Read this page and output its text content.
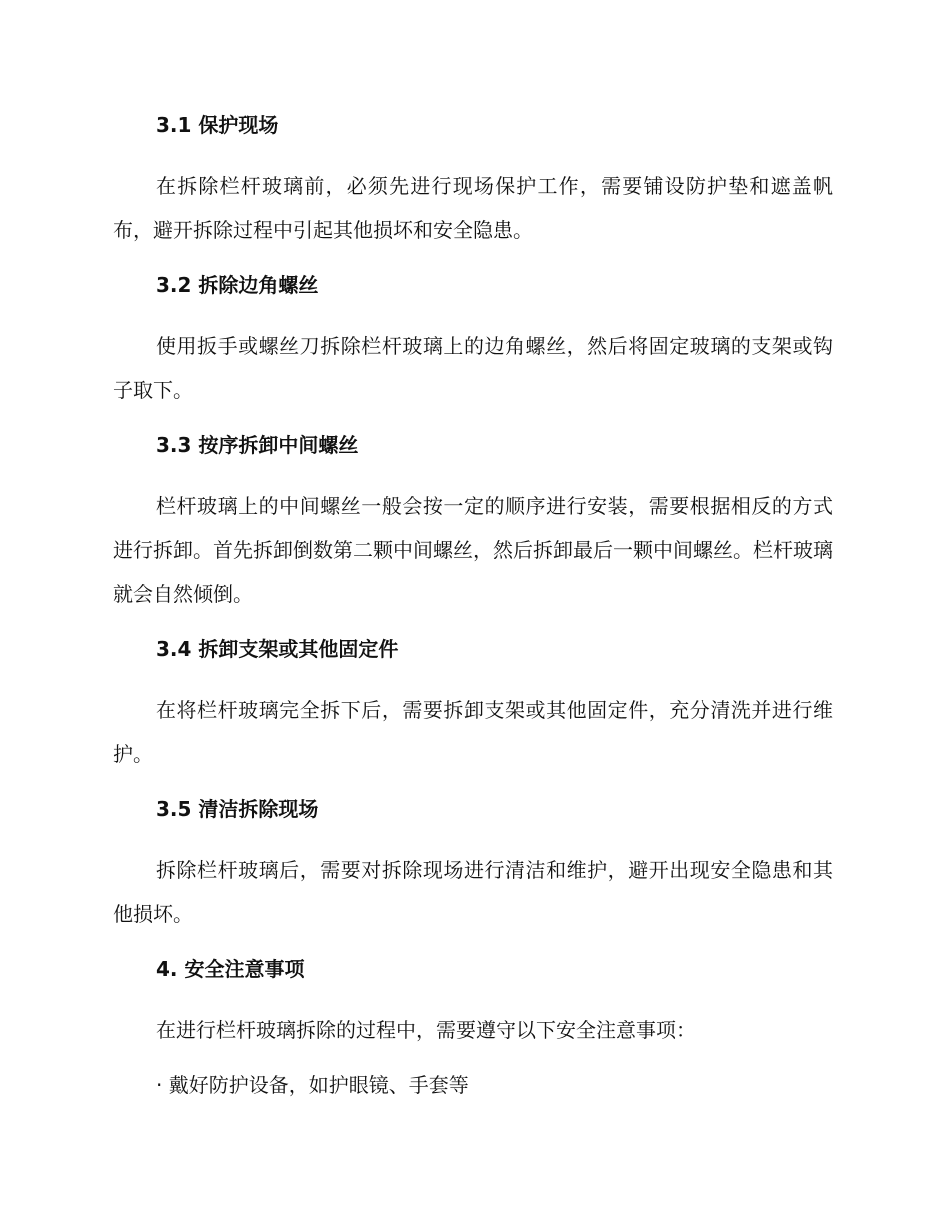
3.1 保护现场

在拆除栏杆玻璃前，必须先进行现场保护工作，需要铺设防护垫和遮盖帆布，避开拆除过程中引起其他损坏和安全隐患。

3.2 拆除边角螺丝

使用扳手或螺丝刀拆除栏杆玻璃上的边角螺丝，然后将固定玻璃的支架或钩子取下。

3.3 按序拆卸中间螺丝

栏杆玻璃上的中间螺丝一般会按一定的顺序进行安装，需要根据相反的方式进行拆卸。首先拆卸倒数第二颗中间螺丝，然后拆卸最后一颗中间螺丝。栏杆玻璃就会自然倾倒。

3.4 拆卸支架或其他固定件

在将栏杆玻璃完全拆下后，需要拆卸支架或其他固定件，充分清洗并进行维护。

3.5 清洁拆除现场

拆除栏杆玻璃后，需要对拆除现场进行清洁和维护，避开出现安全隐患和其他损坏。

4. 安全注意事项

在进行栏杆玻璃拆除的过程中，需要遵守以下安全注意事项：

· 戴好防护设备，如护眼镜、手套等
